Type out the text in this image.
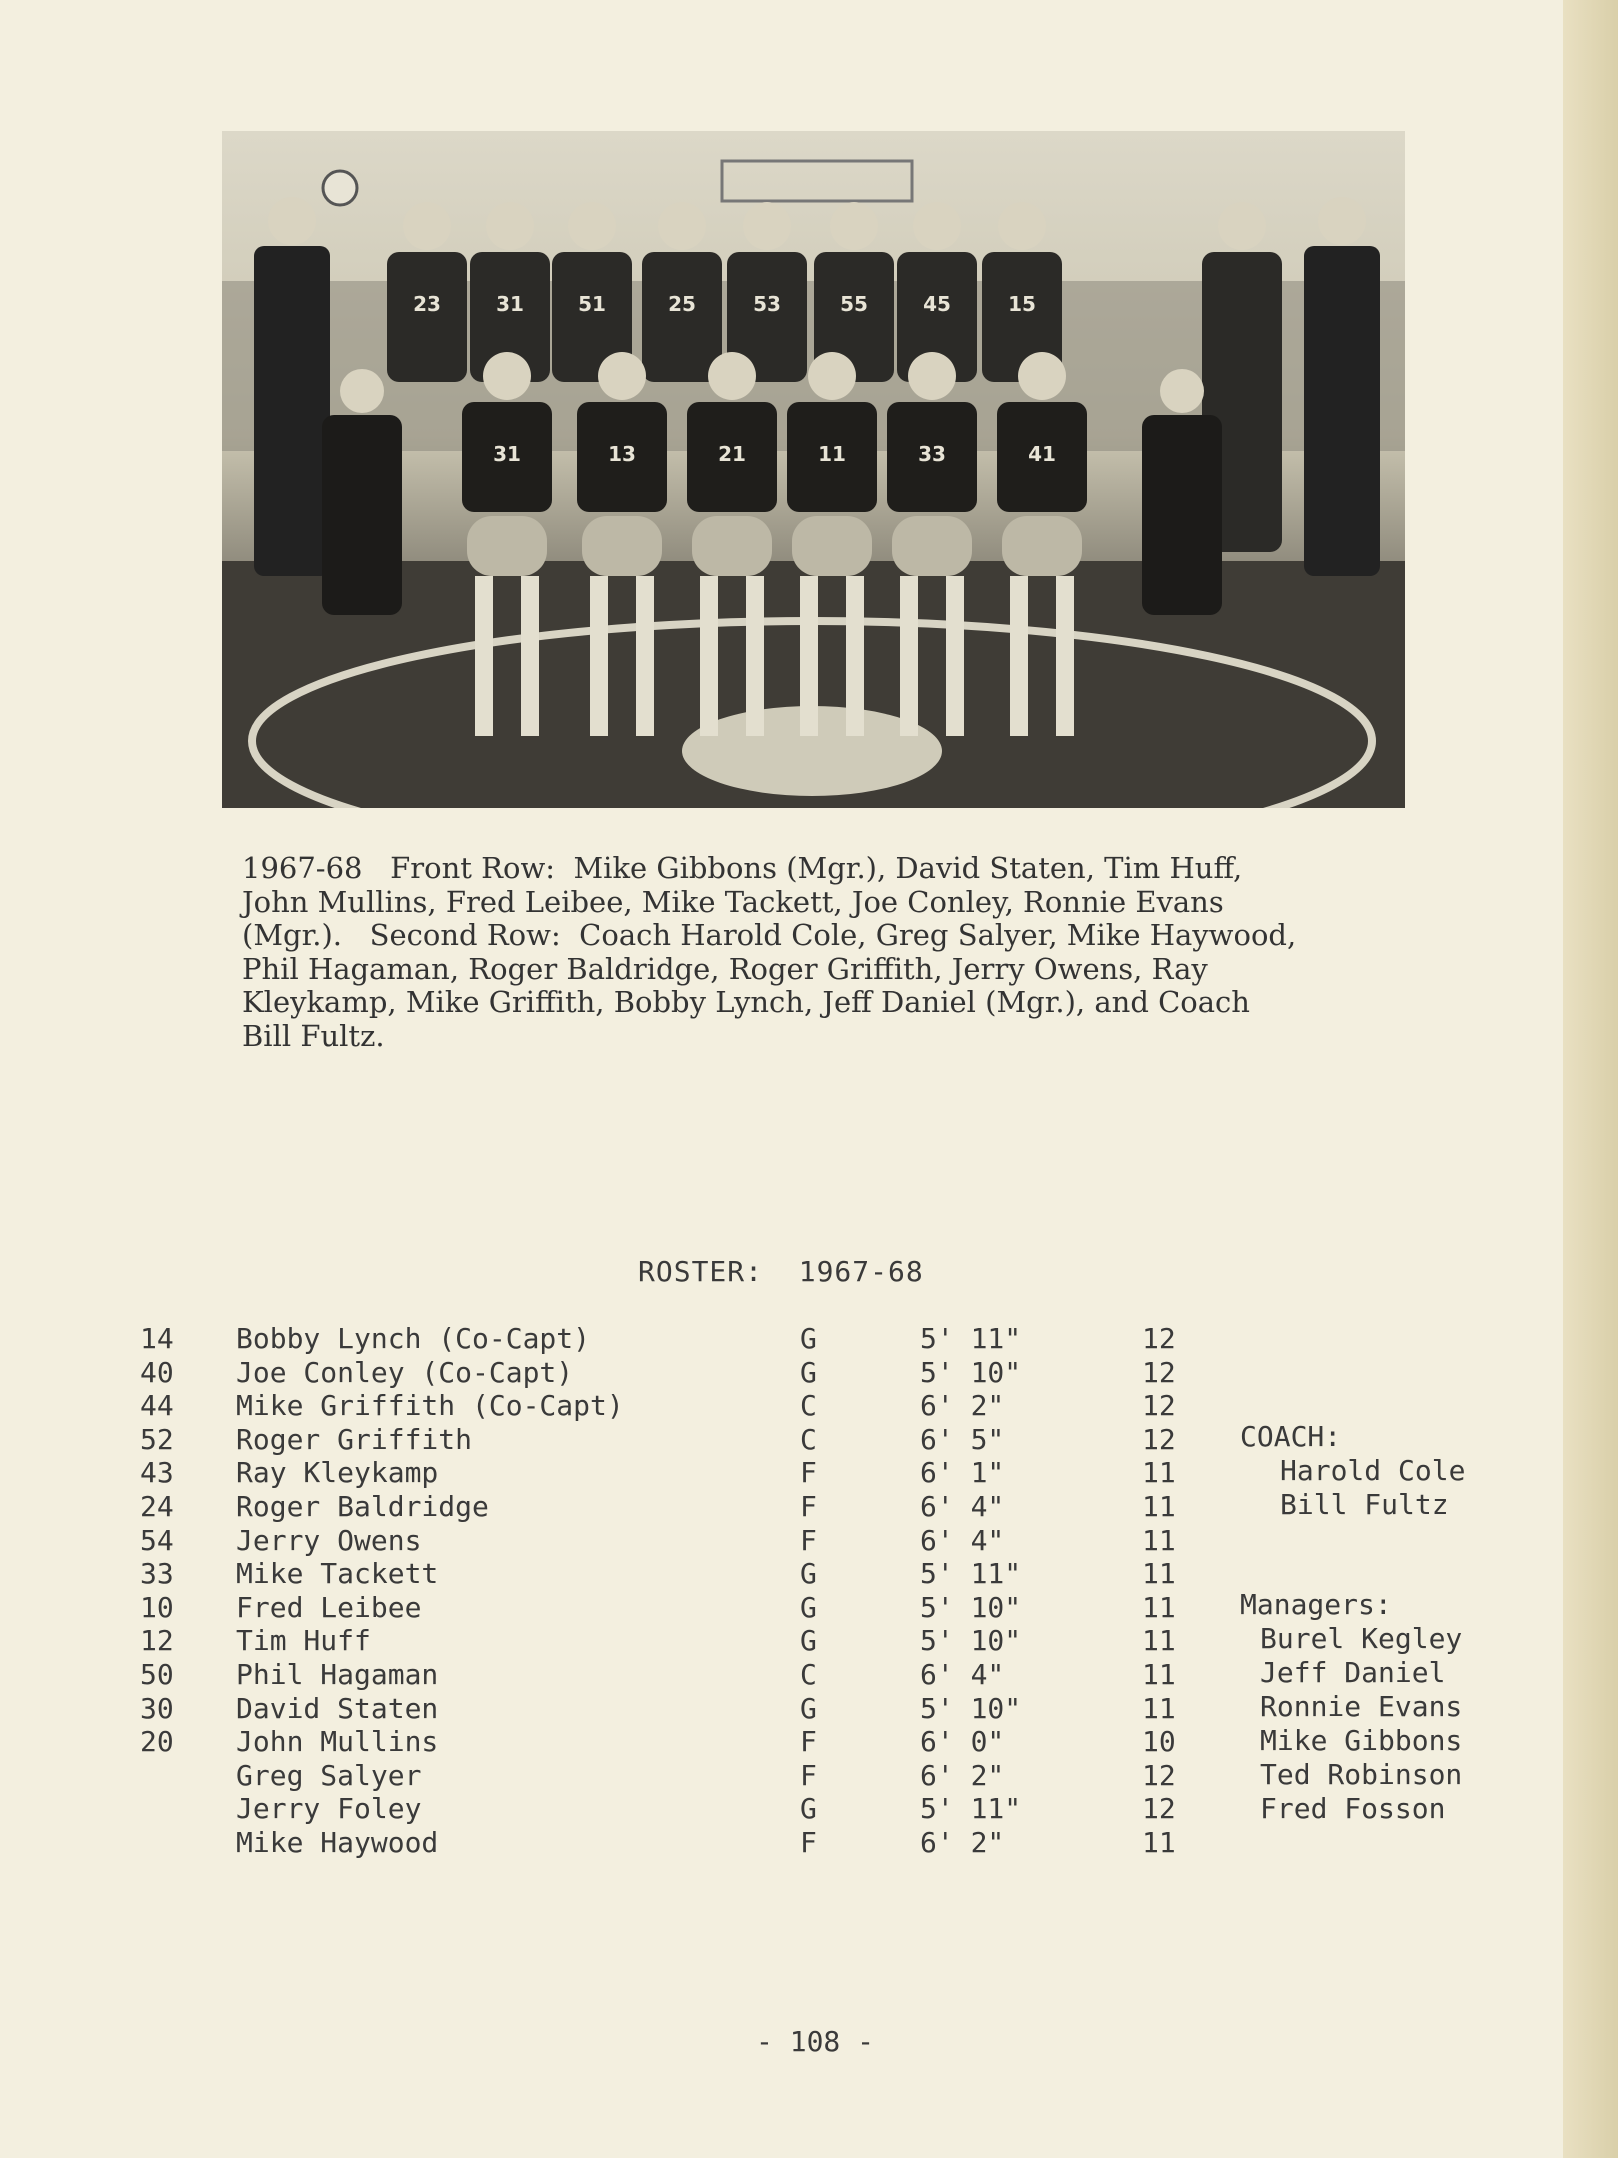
23	31	51	25	53	55	45	15
31	13	21	11	33	41
1967-68   Front Row:  Mike Gibbons (Mgr.), David Staten, Tim Huff,
John Mullins, Fred Leibee, Mike Tackett, Joe Conley, Ronnie Evans
(Mgr.).   Second Row:  Coach Harold Cole, Greg Salyer, Mike Haywood,
Phil Hagaman, Roger Baldridge, Roger Griffith, Jerry Owens, Ray
Kleykamp, Mike Griffith, Bobby Lynch, Jeff Daniel (Mgr.), and Coach
Bill Fultz.
ROSTER:  1967-68
14 Bobby Lynch (Co-Capt)	G	5' 11"	12
40 Joe Conley (Co-Capt)	G	5' 10"	12
44 Mike Griffith (Co-Capt)	C	6' 2"	12
52 Roger Griffith	C	6' 5"	12
43 Ray Kleykamp	F	6' 1"	11
24 Roger Baldridge	F	6' 4"	11
54 Jerry Owens	F	6' 4"	11
33 Mike Tackett	G	5' 11"	11
10 Fred Leibee	G	5' 10"	11
12 Tim Huff	G	5' 10"	11
50 Phil Hagaman	C	6' 4"	11
30 David Staten	G	5' 10"	11
20 John Mullins	F	6' 0"	10
Greg Salyer	F	6' 2"	12
Jerry Foley	G	5' 11"	12
Mike Haywood	F	6' 2"	11
COACH:
Harold Cole
Bill Fultz
Managers:
Burel Kegley
Jeff Daniel
Ronnie Evans
Mike Gibbons
Ted Robinson
Fred Fosson
- 108 -
